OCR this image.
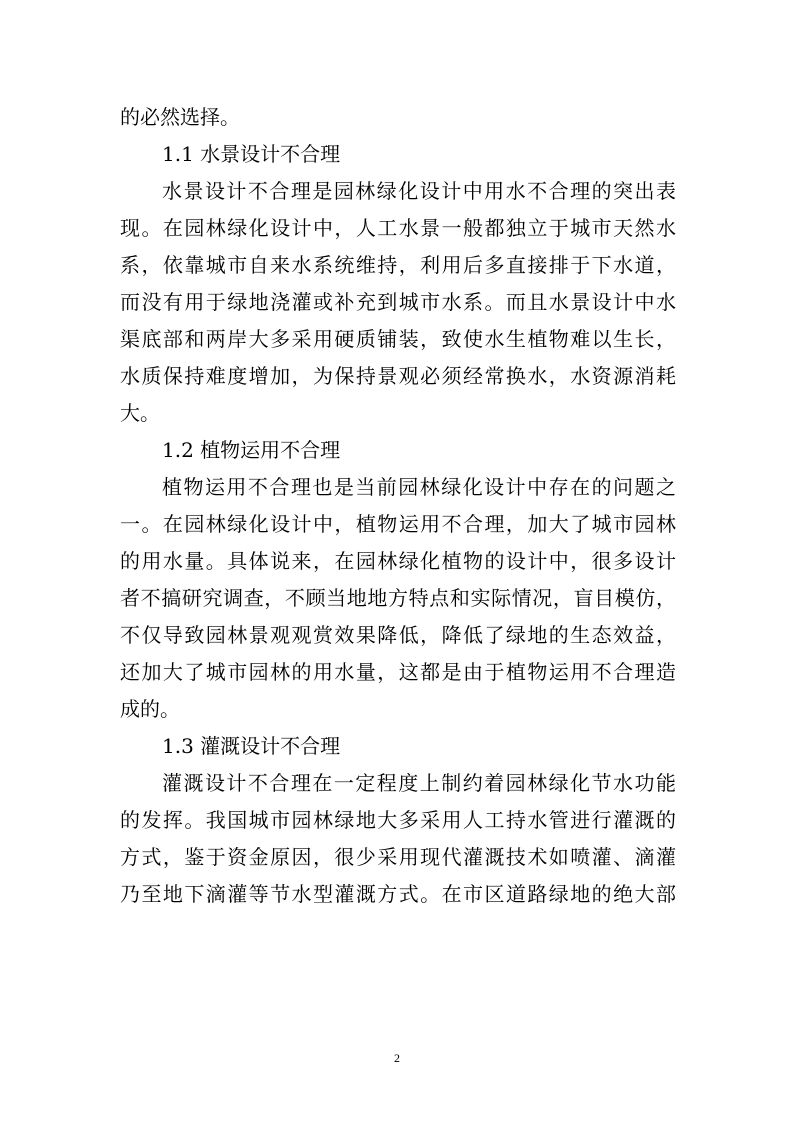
的必然选择。
1.1 水景设计不合理
水景设计不合理是园林绿化设计中用水不合理的突出表
现。在园林绿化设计中，人工水景一般都独立于城市天然水
系，依靠城市自来水系统维持，利用后多直接排于下水道，
而没有用于绿地浇灌或补充到城市水系。而且水景设计中水
渠底部和两岸大多采用硬质铺装，致使水生植物难以生长，
水质保持难度增加，为保持景观必须经常换水，水资源消耗
大。
1.2 植物运用不合理
植物运用不合理也是当前园林绿化设计中存在的问题之
一。在园林绿化设计中，植物运用不合理，加大了城市园林
的用水量。具体说来，在园林绿化植物的设计中，很多设计
者不搞研究调查，不顾当地地方特点和实际情况，盲目模仿，
不仅导致园林景观观赏效果降低，降低了绿地的生态效益，
还加大了城市园林的用水量，这都是由于植物运用不合理造
成的。
1.3 灌溉设计不合理
灌溉设计不合理在一定程度上制约着园林绿化节水功能
的发挥。我国城市园林绿地大多采用人工持水管进行灌溉的
方式，鉴于资金原因，很少采用现代灌溉技术如喷灌、滴灌
乃至地下滴灌等节水型灌溉方式。在市区道路绿地的绝大部
2
